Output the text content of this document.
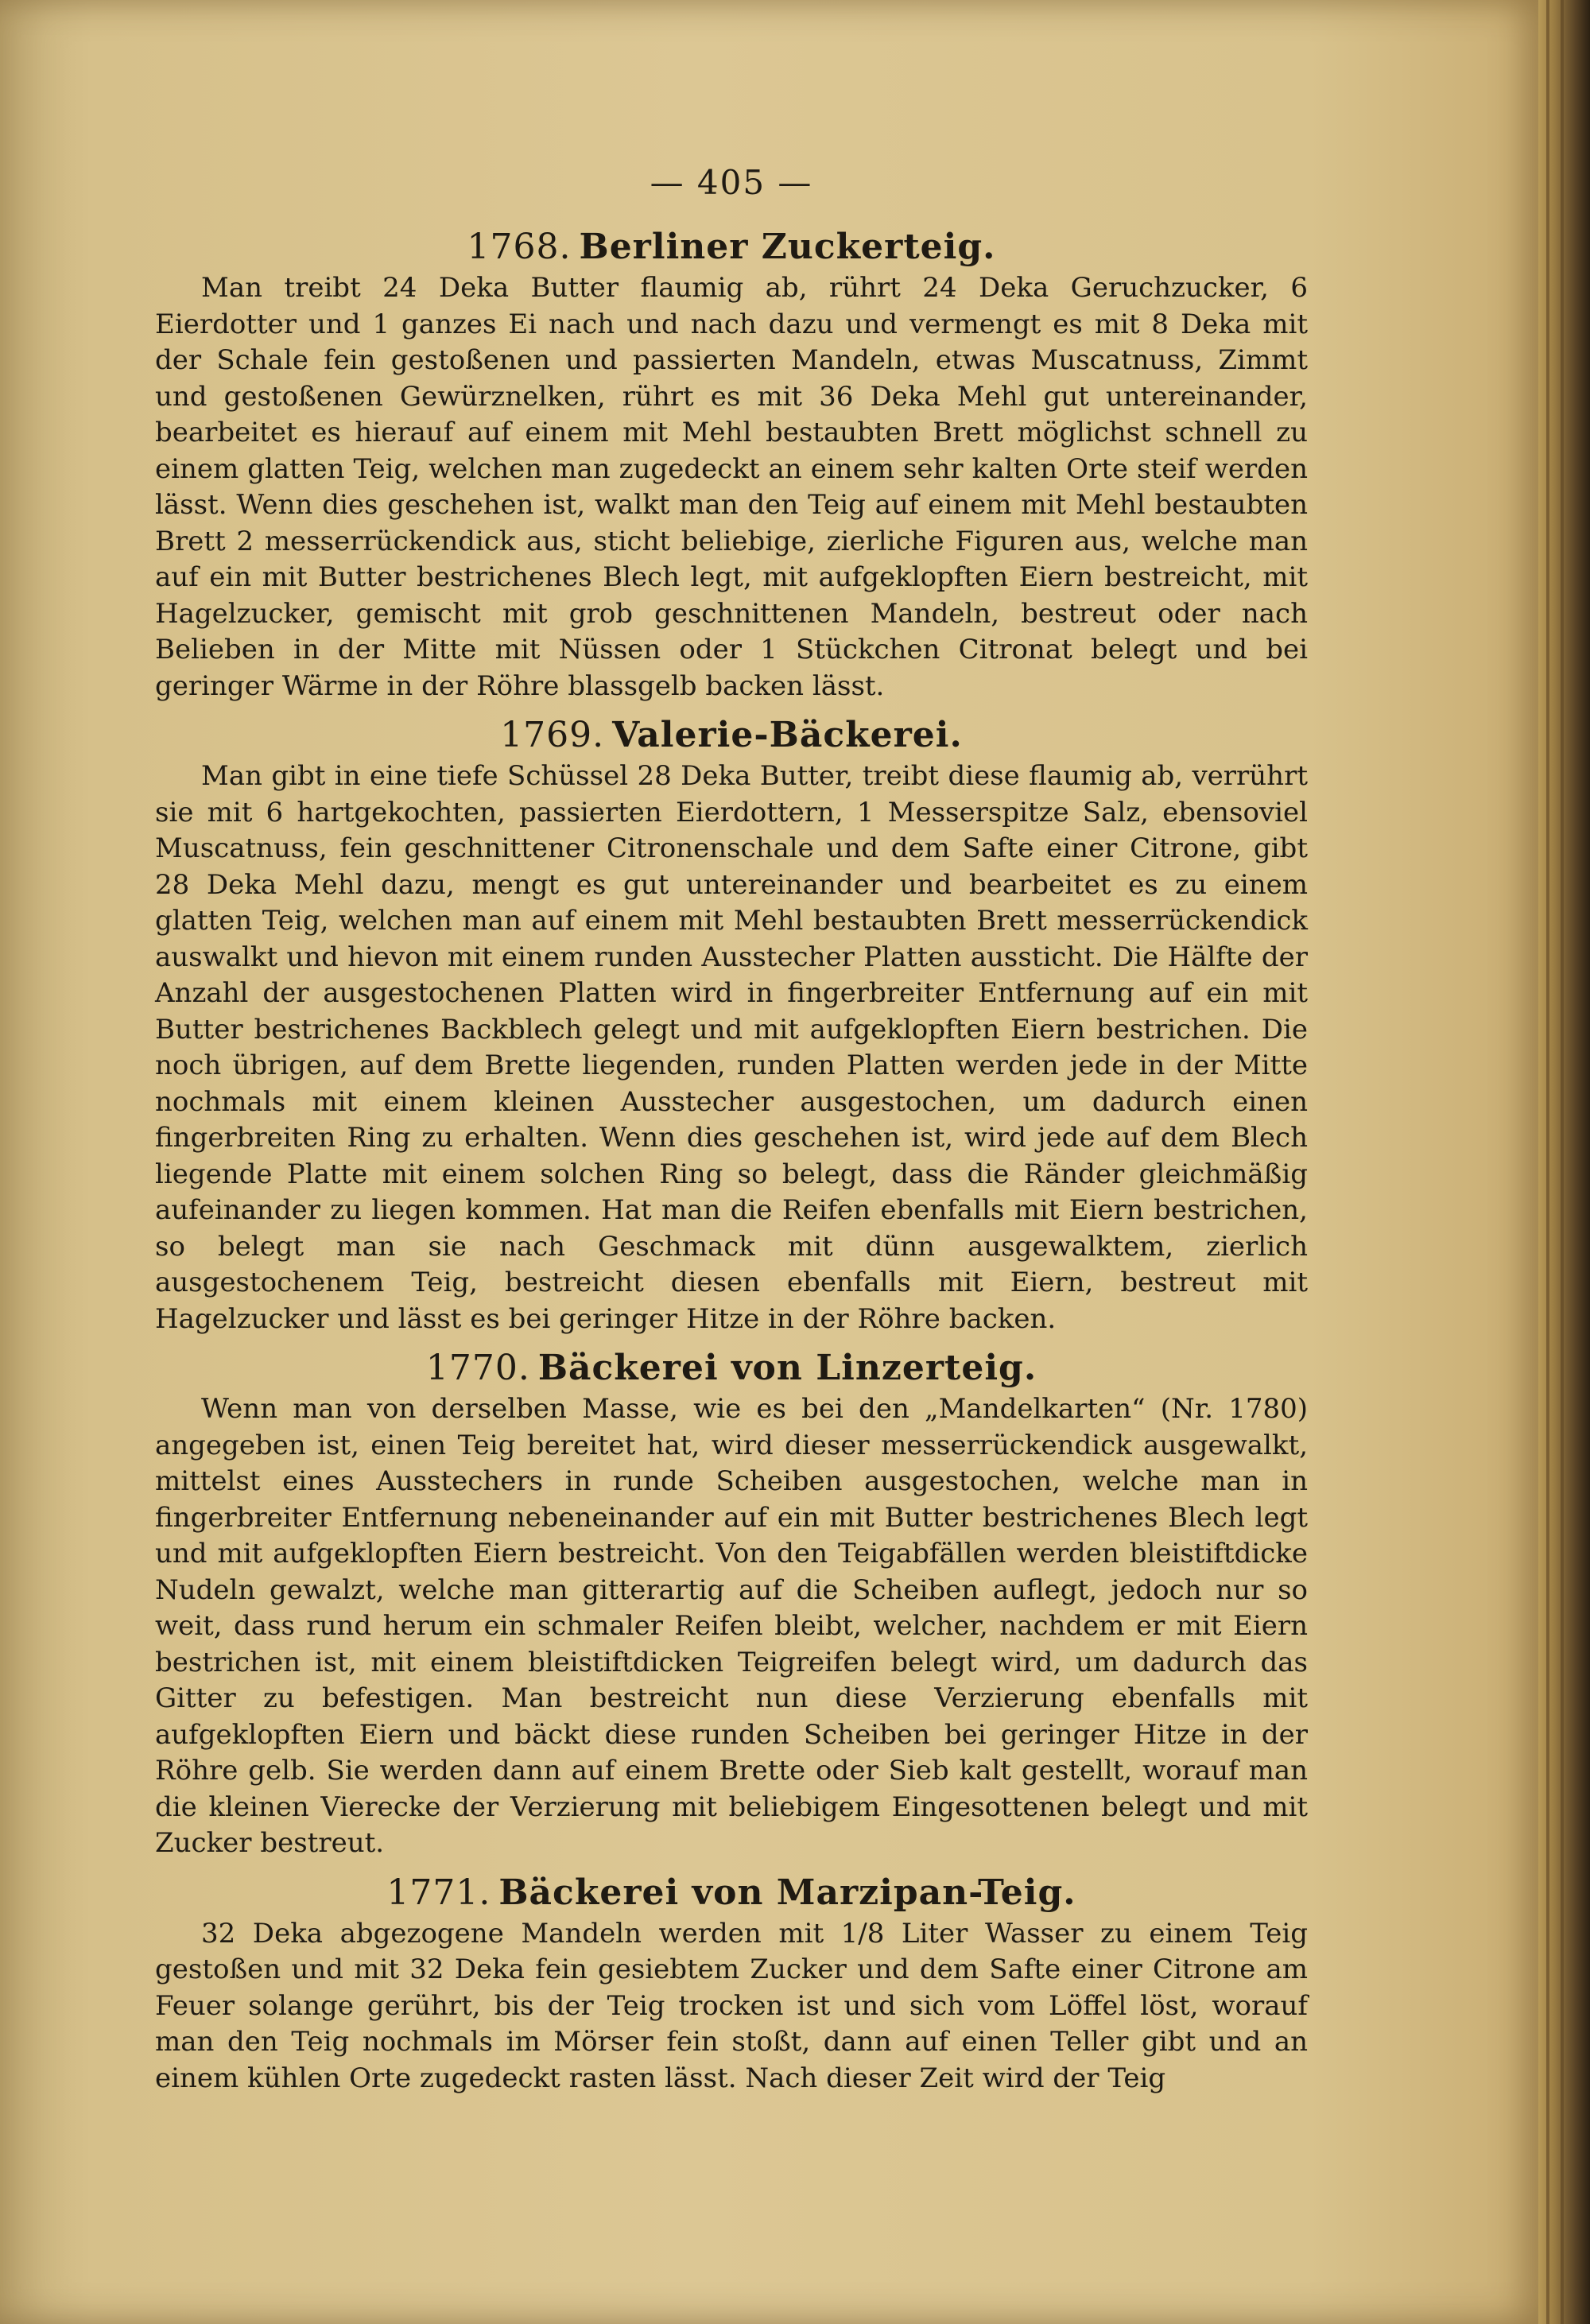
— 405 —
1768. Berliner Zuckerteig.

Man treibt 24 Deka Butter flaumig ab, rührt 24 Deka Geruchzucker, 6 Eierdotter und 1 ganzes Ei nach und nach dazu und vermengt es mit 8 Deka mit der Schale fein gestoßenen und passierten Mandeln, etwas Muscatnuss, Zimmt und gestoßenen Gewürznelken, rührt es mit 36 Deka Mehl gut untereinander, bearbeitet es hierauf auf einem mit Mehl bestaubten Brett möglichst schnell zu einem glatten Teig, welchen man zugedeckt an einem sehr kalten Orte steif werden lässt. Wenn dies geschehen ist, walkt man den Teig auf einem mit Mehl bestaubten Brett 2 messerrückendick aus, sticht beliebige, zierliche Figuren aus, welche man auf ein mit Butter bestrichenes Blech legt, mit aufgeklopften Eiern bestreicht, mit Hagelzucker, gemischt mit grob geschnittenen Mandeln, bestreut oder nach Belieben in der Mitte mit Nüssen oder 1 Stückchen Citronat belegt und bei geringer Wärme in der Röhre blassgelb backen lässt.

1769. Valerie-Bäckerei.

Man gibt in eine tiefe Schüssel 28 Deka Butter, treibt diese flaumig ab, verrührt sie mit 6 hartgekochten, passierten Eierdottern, 1 Messerspitze Salz, ebensoviel Muscatnuss, fein geschnittener Citronenschale und dem Safte einer Citrone, gibt 28 Deka Mehl dazu, mengt es gut untereinander und bearbeitet es zu einem glatten Teig, welchen man auf einem mit Mehl bestaubten Brett messerrückendick auswalkt und hievon mit einem runden Ausstecher Platten aussticht. Die Hälfte der Anzahl der ausgestochenen Platten wird in fingerbreiter Entfernung auf ein mit Butter bestrichenes Backblech gelegt und mit aufgeklopften Eiern bestrichen. Die noch übrigen, auf dem Brette liegenden, runden Platten werden jede in der Mitte nochmals mit einem kleinen Ausstecher ausgestochen, um dadurch einen fingerbreiten Ring zu erhalten. Wenn dies geschehen ist, wird jede auf dem Blech liegende Platte mit einem solchen Ring so belegt, dass die Ränder gleichmäßig aufeinander zu liegen kommen. Hat man die Reifen ebenfalls mit Eiern bestrichen, so belegt man sie nach Geschmack mit dünn ausgewalktem, zierlich ausgestochenem Teig, bestreicht diesen ebenfalls mit Eiern, bestreut mit Hagelzucker und lässt es bei geringer Hitze in der Röhre backen.

1770. Bäckerei von Linzerteig.

Wenn man von derselben Masse, wie es bei den „Mandelkarten“ (Nr. 1780) angegeben ist, einen Teig bereitet hat, wird dieser messerrückendick ausgewalkt, mittelst eines Ausstechers in runde Scheiben ausgestochen, welche man in fingerbreiter Entfernung nebeneinander auf ein mit Butter bestrichenes Blech legt und mit aufgeklopften Eiern bestreicht. Von den Teigabfällen werden bleistiftdicke Nudeln gewalzt, welche man gitterartig auf die Scheiben auflegt, jedoch nur so weit, dass rund herum ein schmaler Reifen bleibt, welcher, nachdem er mit Eiern bestrichen ist, mit einem bleistiftdicken Teigreifen belegt wird, um dadurch das Gitter zu befestigen. Man bestreicht nun diese Verzierung ebenfalls mit aufgeklopften Eiern und bäckt diese runden Scheiben bei geringer Hitze in der Röhre gelb. Sie werden dann auf einem Brette oder Sieb kalt gestellt, worauf man die kleinen Vierecke der Verzierung mit beliebigem Eingesottenen belegt und mit Zucker bestreut.

1771. Bäckerei von Marzipan-Teig.

32 Deka abgezogene Mandeln werden mit 1/8 Liter Wasser zu einem Teig gestoßen und mit 32 Deka fein gesiebtem Zucker und dem Safte einer Citrone am Feuer solange gerührt, bis der Teig trocken ist und sich vom Löffel löst, worauf man den Teig nochmals im Mörser fein stoßt, dann auf einen Teller gibt und an einem kühlen Orte zugedeckt rasten lässt. Nach dieser Zeit wird der Teig
